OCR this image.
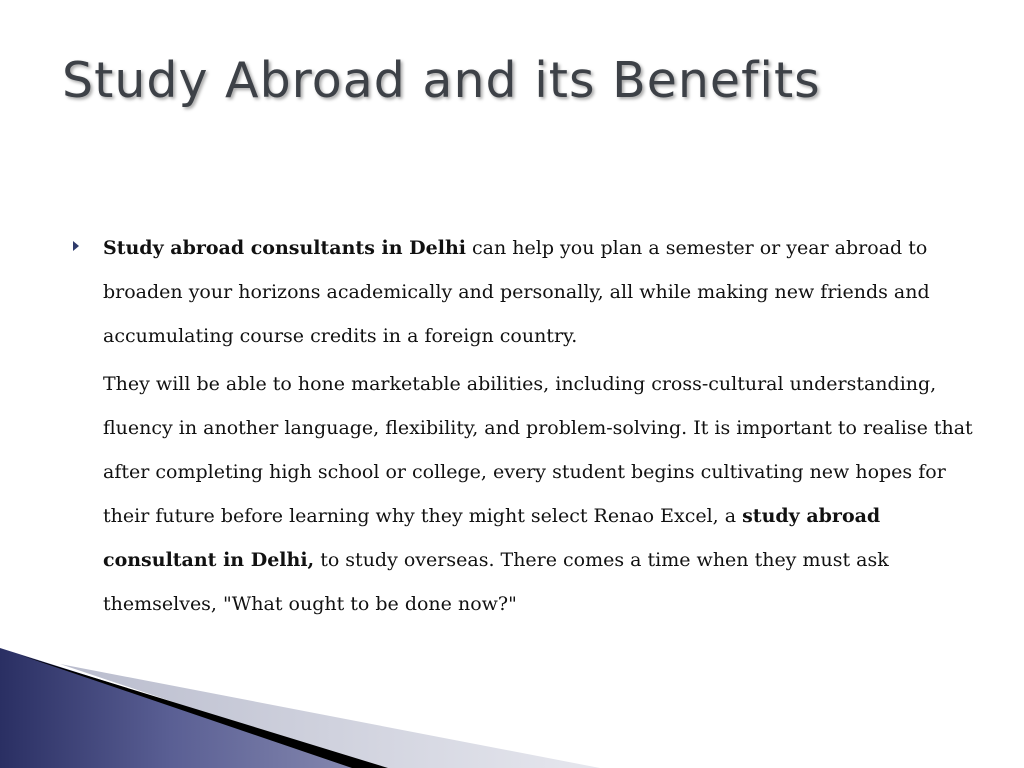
Study Abroad and its Benefits

Study abroad consultants in Delhi can help you plan a semester or year abroad to broaden your horizons academically and personally, all while making new friends and accumulating course credits in a foreign country.

They will be able to hone marketable abilities, including cross-cultural understanding, fluency in another language, flexibility, and problem-solving. It is important to realise that after completing high school or college, every student begins cultivating new hopes for their future before learning why they might select Renao Excel, a study abroad consultant in Delhi, to study overseas. There comes a time when they must ask themselves, "What ought to be done now?"
